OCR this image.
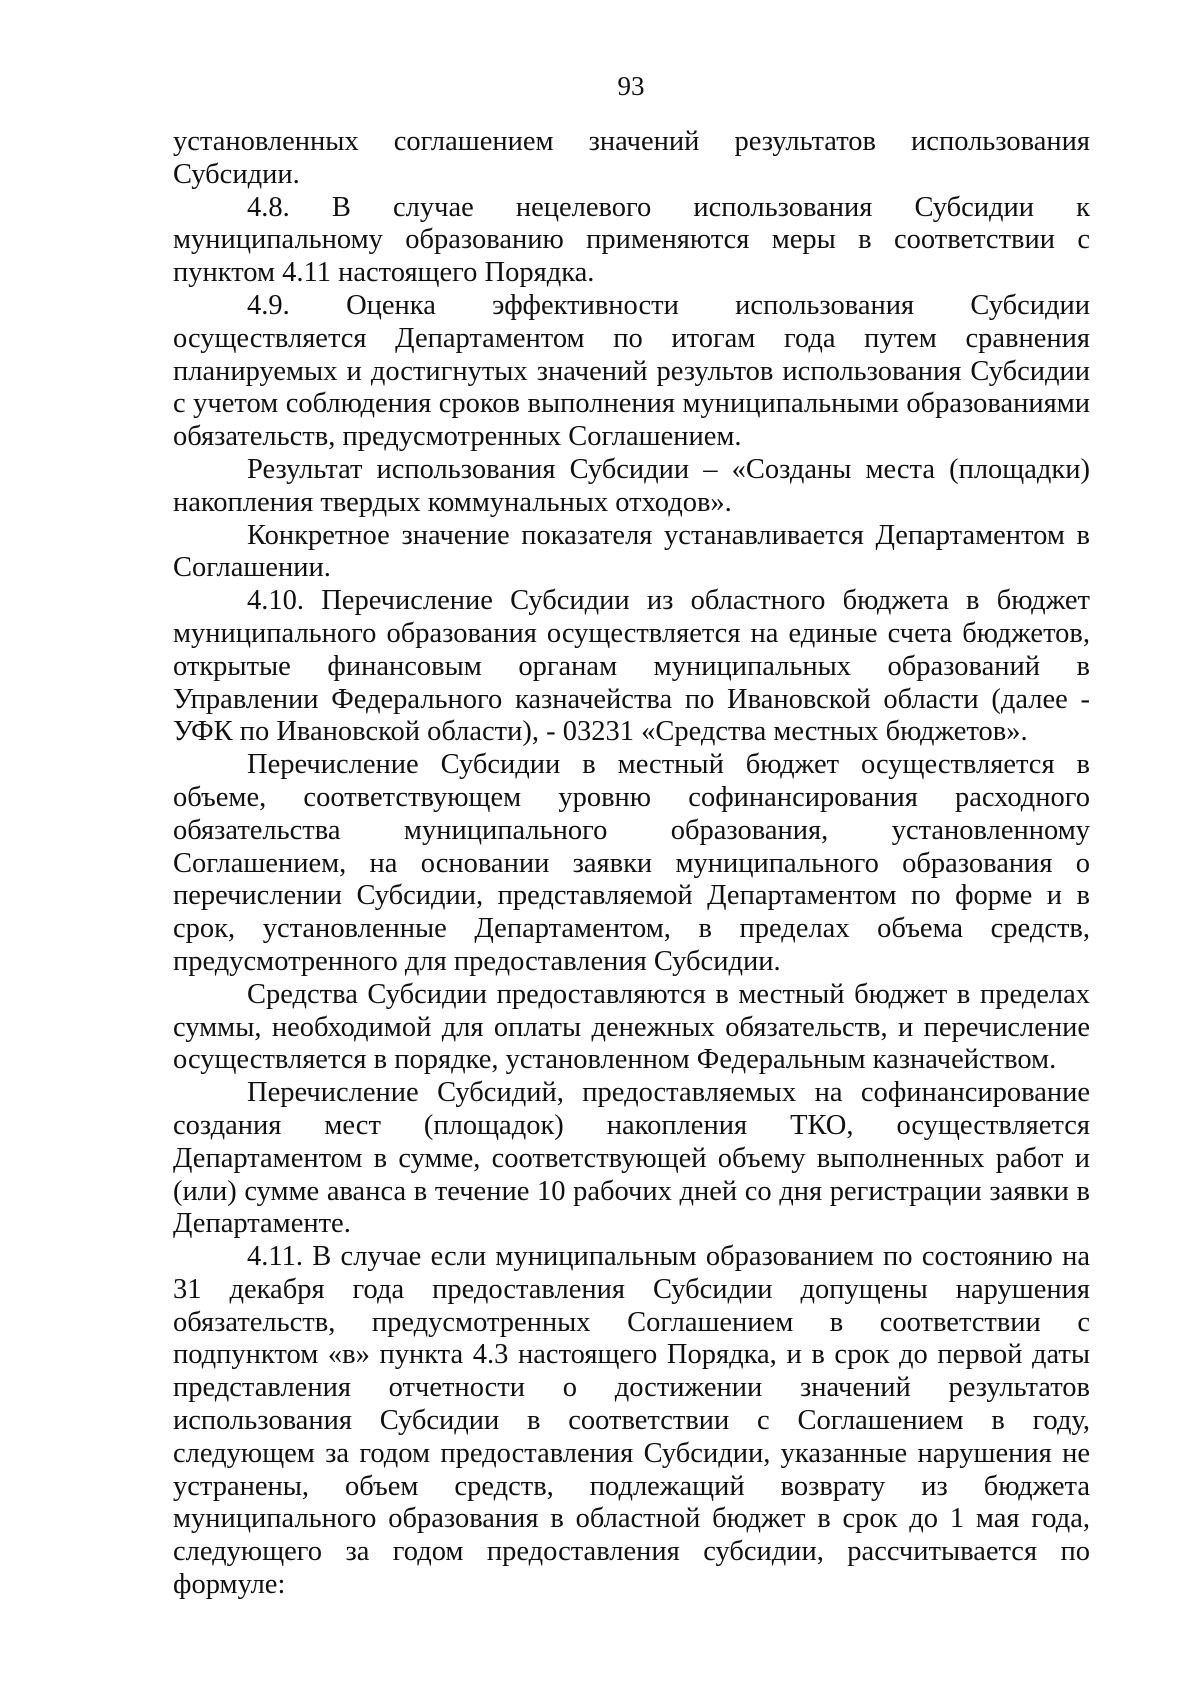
93

установленных соглашением значений результатов использования Субсидии.

4.8. В случае нецелевого использования Субсидии к муниципальному образованию применяются меры в соответствии с пунктом 4.11 настоящего Порядка.

4.9. Оценка эффективности использования Субсидии осуществляется Департаментом по итогам года путем сравнения планируемых и достигнутых значений результов использования Субсидии с учетом соблюдения сроков выполнения муниципальными образованиями обязательств, предусмотренных Соглашением.

Результат использования Субсидии – «Созданы места (площадки) накопления твердых коммунальных отходов».

Конкретное значение показателя устанавливается Департаментом в Соглашении.

4.10. Перечисление Субсидии из областного бюджета в бюджет муниципального образования осуществляется на единые счета бюджетов, открытые финансовым органам муниципальных образований в Управлении Федерального казначейства по Ивановской области (далее - УФК по Ивановской области), - 03231 «Средства местных бюджетов».

Перечисление Субсидии в местный бюджет осуществляется в объеме, соответствующем уровню софинансирования расходного обязательства муниципального образования, установленному Соглашением, на основании заявки муниципального образования о перечислении Субсидии, представляемой Департаментом по форме и в срок, установленные Департаментом, в пределах объема средств, предусмотренного для предоставления Субсидии.

Средства Субсидии предоставляются в местный бюджет в пределах суммы, необходимой для оплаты денежных обязательств, и перечисление осуществляется в порядке, установленном Федеральным казначейством.

Перечисление Субсидий, предоставляемых на софинансирование создания мест (площадок) накопления ТКО, осуществляется Департаментом в сумме, соответствующей объему выполненных работ и (или) сумме аванса в течение 10 рабочих дней со дня регистрации заявки в Департаменте.

4.11. В случае если муниципальным образованием по состоянию на 31 декабря года предоставления Субсидии допущены нарушения обязательств, предусмотренных Соглашением в соответствии с подпунктом «в» пункта 4.3 настоящего Порядка, и в срок до первой даты представления отчетности о достижении значений результатов использования Субсидии в соответствии с Соглашением в году, следующем за годом предоставления Субсидии, указанные нарушения не устранены, объем средств, подлежащий возврату из бюджета муниципального образования в областной бюджет в срок до 1 мая года, следующего за годом предоставления субсидии, рассчитывается по формуле:
